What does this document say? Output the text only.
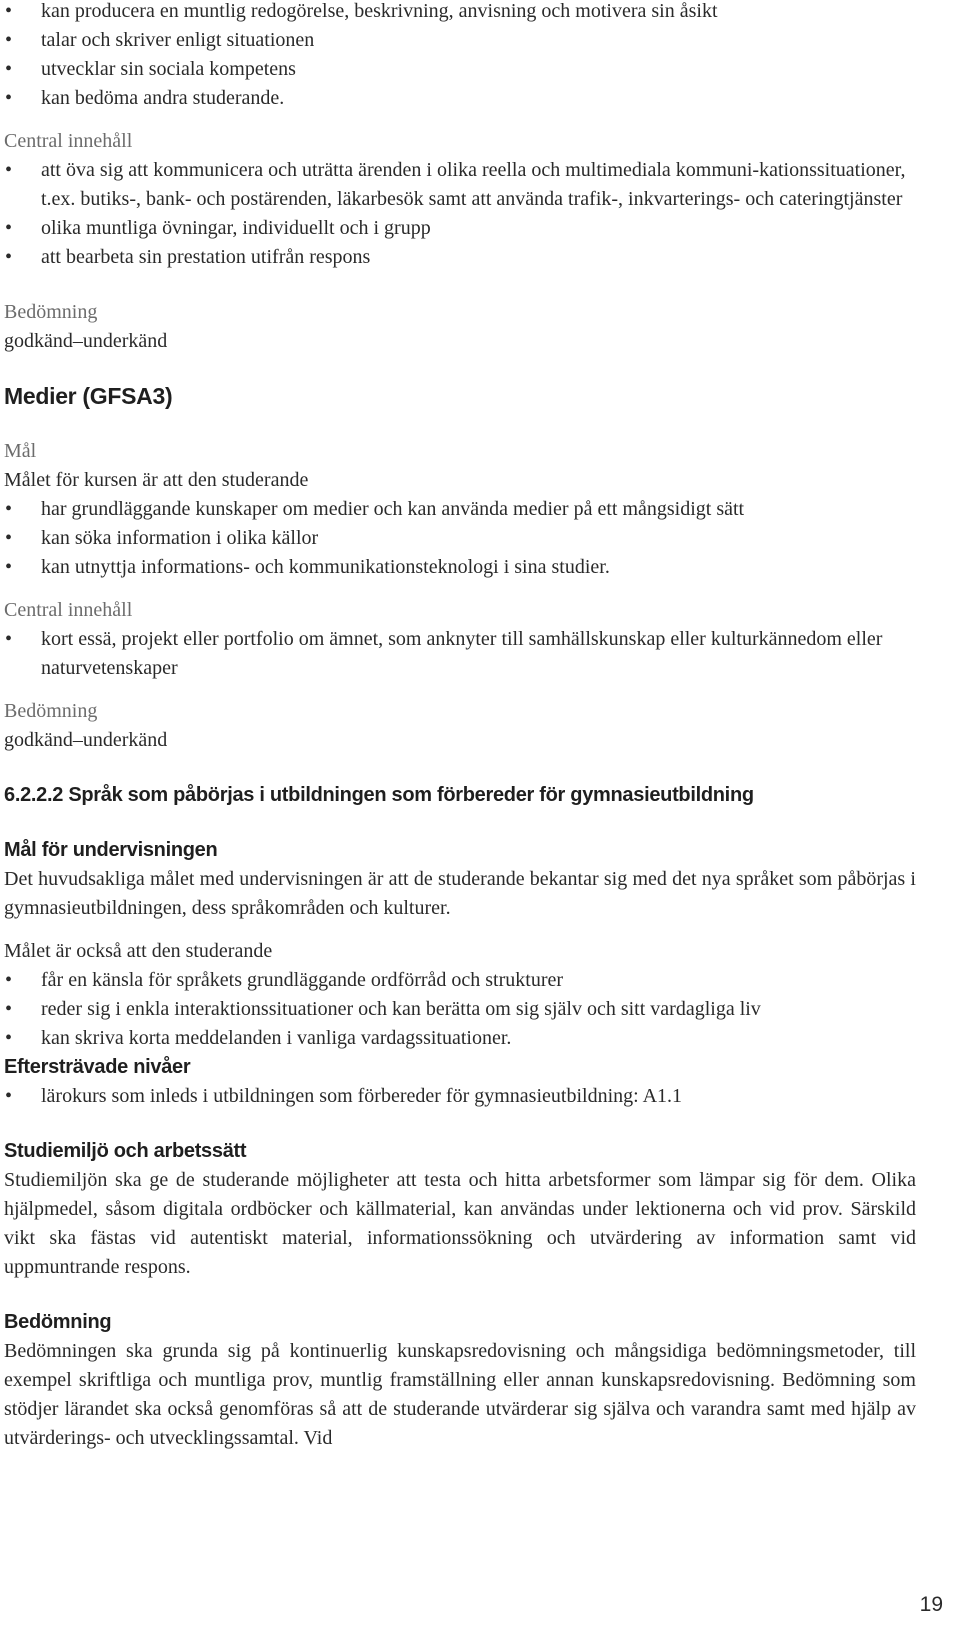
• kan producera en muntlig redogörelse, beskrivning, anvisning och motivera sin åsikt
• talar och skriver enligt situationen
• utvecklar sin sociala kompetens
• kan bedöma andra studerande.

Central innehåll

• att öva sig att kommunicera och uträtta ärenden i olika reella och multimediala kommuni-kationssituationer, t.ex. butiks-, bank- och postärenden, läkarbesök samt att använda trafik-, inkvarterings- och cateringtjänster
• olika muntliga övningar, individuellt och i grupp
• att bearbeta sin prestation utifrån respons

Bedömning

godkänd–underkänd

Medier (GFSA3)

Mål

Målet för kursen är att den studerande

• har grundläggande kunskaper om medier och kan använda medier på ett mångsidigt sätt
• kan söka information i olika källor
• kan utnyttja informations- och kommunikationsteknologi i sina studier.

Central innehåll

• kort essä, projekt eller portfolio om ämnet, som anknyter till samhällskunskap eller kulturkännedom eller naturvetenskaper

Bedömning

godkänd–underkänd

6.2.2.2 Språk som påbörjas i utbildningen som förbereder för gymnasieutbildning

Mål för undervisningen

Det huvudsakliga målet med undervisningen är att de studerande bekantar sig med det nya språket som påbörjas i gymnasieutbildningen, dess språkområden och kulturer.

Målet är också att den studerande

• får en känsla för språkets grundläggande ordförråd och strukturer
• reder sig i enkla interaktionssituationer och kan berätta om sig själv och sitt vardagliga liv
• kan skriva korta meddelanden i vanliga vardagssituationer.

Eftersträvade nivåer

• lärokurs som inleds i utbildningen som förbereder för gymnasieutbildning: A1.1

Studiemiljö och arbetssätt

Studiemiljön ska ge de studerande möjligheter att testa och hitta arbetsformer som lämpar sig för dem. Olika hjälpmedel, såsom digitala ordböcker och källmaterial, kan användas under lektionerna och vid prov. Särskild vikt ska fästas vid autentiskt material, informationssökning och utvärdering av information samt vid uppmuntrande respons.

Bedömning

Bedömningen ska grunda sig på kontinuerlig kunskapsredovisning och mångsidiga bedömningsmetoder, till exempel skriftliga och muntliga prov, muntlig framställning eller annan kunskapsredovisning. Bedömning som stödjer lärandet ska också genomföras så att de studerande utvärderar sig själva och varandra samt med hjälp av utvärderings- och utvecklingssamtal. Vid

19
